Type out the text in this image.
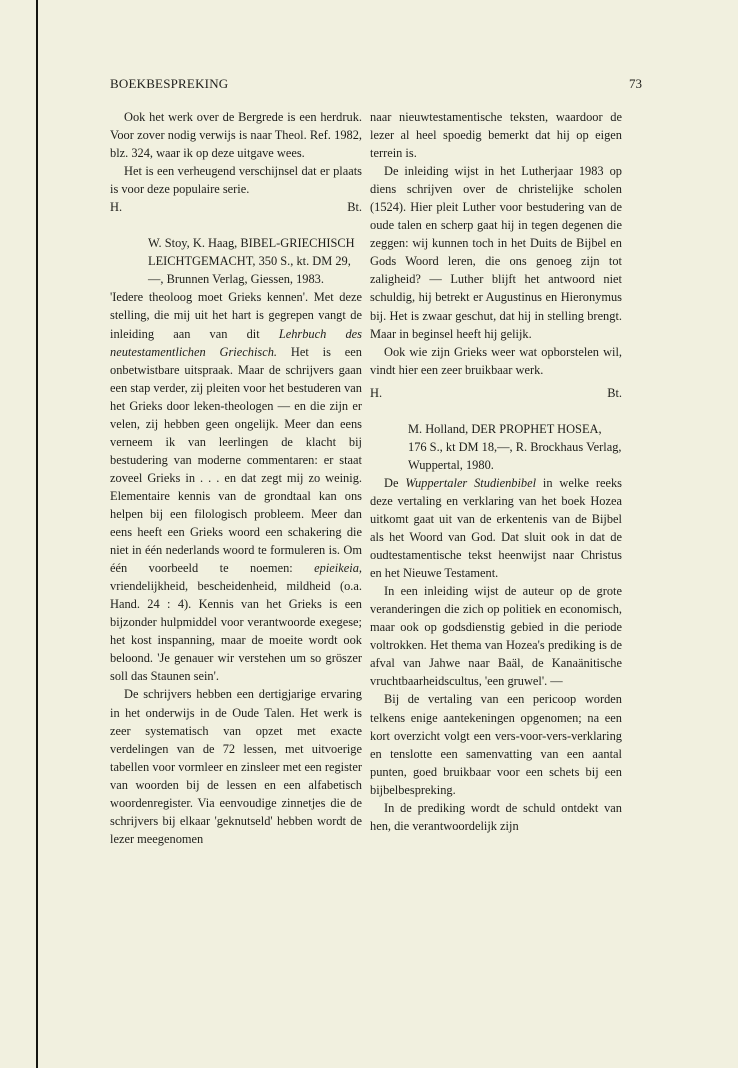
BOEKBESPREKING	73

Ook het werk over de Bergrede is een herdruk. Voor zover nodig verwijs is naar Theol. Ref. 1982, blz. 324, waar ik op deze uitgave wees.

Het is een verheugend verschijnsel dat er plaats is voor deze populaire serie.

H.	Bt.

W. Stoy, K. Haag, BIBEL-GRIECHISCH LEICHTGEMACHT, 350 S., kt. DM 29,—, Brunnen Verlag, Giessen, 1983.

'Iedere theoloog moet Grieks kennen'. Met deze stelling, die mij uit het hart is gegrepen vangt de inleiding aan van dit Lehrbuch des neutestamentlichen Griechisch. Het is een onbetwistbare uitspraak. Maar de schrijvers gaan een stap verder, zij pleiten voor het bestuderen van het Grieks door leken-theologen — en die zijn er velen, zij hebben geen ongelijk. Meer dan eens verneem ik van leerlingen de klacht bij bestudering van moderne commentaren: er staat zoveel Grieks in . . . en dat zegt mij zo weinig. Elementaire kennis van de grondtaal kan ons helpen bij een filologisch probleem. Meer dan eens heeft een Grieks woord een schakering die niet in één nederlands woord te formuleren is. Om één voorbeeld te noemen: epieikeia, vriendelijkheid, bescheidenheid, mildheid (o.a. Hand. 24 : 4). Kennis van het Grieks is een bijzonder hulpmiddel voor verantwoorde exegese; het kost inspanning, maar de moeite wordt ook beloond. 'Je genauer wir verstehen um so gröszer soll das Staunen sein'.

De schrijvers hebben een dertigjarige ervaring in het onderwijs in de Oude Talen. Het werk is zeer systematisch van opzet met exacte verdelingen van de 72 lessen, met uitvoerige tabellen voor vormleer en zinsleer met een register van woorden bij de lessen en een alfabetisch woordenregister. Via eenvoudige zinnetjes die de schrijvers bij elkaar 'geknutseld' hebben wordt de lezer meegenomen

naar nieuwtestamentische teksten, waardoor de lezer al heel spoedig bemerkt dat hij op eigen terrein is.

De inleiding wijst in het Lutherjaar 1983 op diens schrijven over de christelijke scholen (1524). Hier pleit Luther voor bestudering van de oude talen en scherp gaat hij in tegen degenen die zeggen: wij kunnen toch in het Duits de Bijbel en Gods Woord leren, die ons genoeg zijn tot zaligheid? — Luther blijft het antwoord niet schuldig, hij betrekt er Augustinus en Hieronymus bij. Het is zwaar geschut, dat hij in stelling brengt. Maar in beginsel heeft hij gelijk.

Ook wie zijn Grieks weer wat opborstelen wil, vindt hier een zeer bruikbaar werk.

H.	Bt.

M. Holland, DER PROPHET HOSEA, 176 S., kt DM 18,—, R. Brockhaus Verlag, Wuppertal, 1980.

De Wuppertaler Studienbibel in welke reeks deze vertaling en verklaring van het boek Hozea uitkomt gaat uit van de erkentenis van de Bijbel als het Woord van God. Dat sluit ook in dat de oudtestamentische tekst heenwijst naar Christus en het Nieuwe Testament.

In een inleiding wijst de auteur op de grote veranderingen die zich op politiek en economisch, maar ook op godsdienstig gebied in die periode voltrokken. Het thema van Hozea's prediking is de afval van Jahwe naar Baäl, de Kanaänitische vruchtbaarheidscultus, 'een gruwel'. —

Bij de vertaling van een pericoop worden telkens enige aantekeningen opgenomen; na een kort overzicht volgt een vers-voor-vers-verklaring en tenslotte een samenvatting van een aantal punten, goed bruikbaar voor een schets bij een bijbelbespreking.

In de prediking wordt de schuld ontdekt van hen, die verantwoordelijk zijn
